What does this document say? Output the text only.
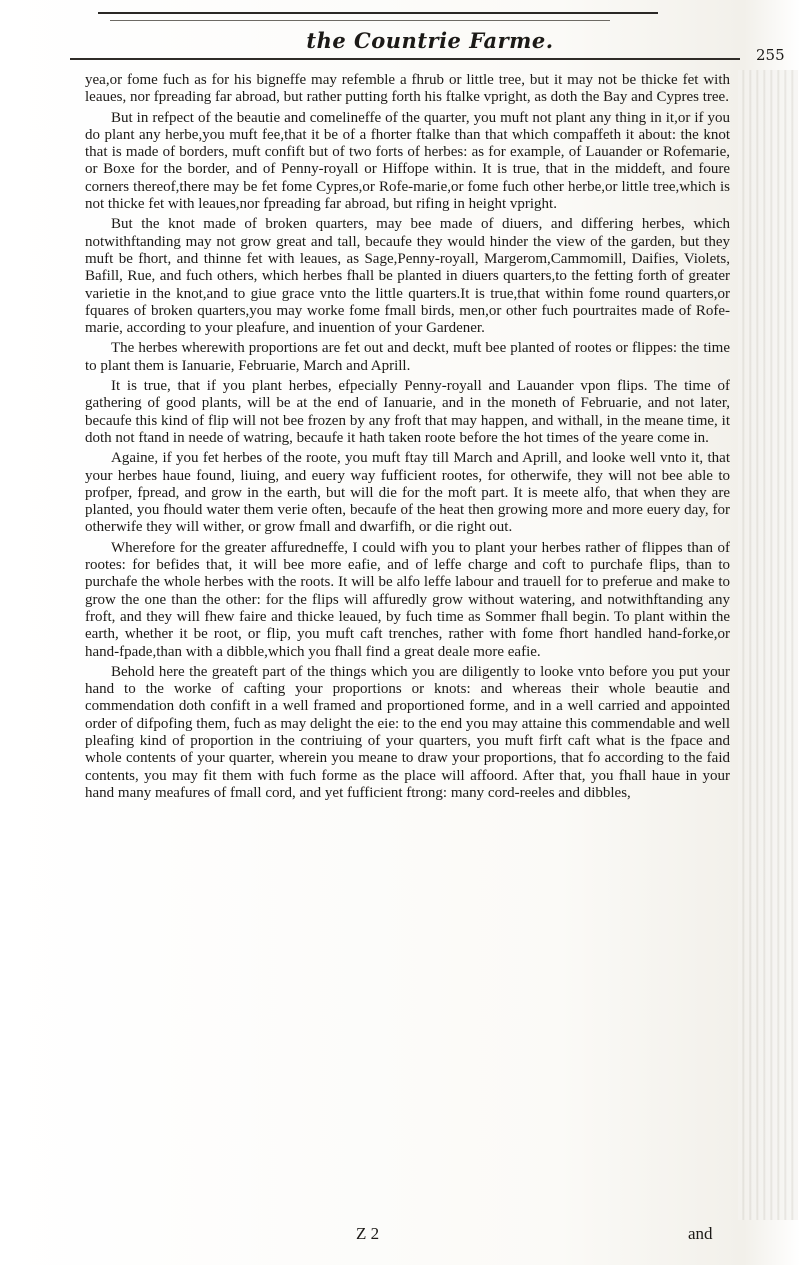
the Countrie Farme.
255

yea,or fome fuch as for his bigneffe may refemble a fhrub or little tree, but it may not be thicke fet with leaues, nor fpreading far abroad, but rather putting forth his ftalke vpright, as doth the Bay and Cypres tree.

But in refpect of the beautie and comelineffe of the quarter, you muft not plant any thing in it,or if you do plant any herbe,you muft fee,that it be of a fhorter ftalke than that which compaffeth it about: the knot that is made of borders, muft confift but of two forts of herbes: as for example, of Lauander or Rofemarie, or Boxe for the border, and of Penny-royall or Hiffope within. It is true, that in the middeft, and foure corners thereof,there may be fet fome Cypres,or Rofe-marie,or fome fuch other herbe,or little tree,which is not thicke fet with leaues,nor fpreading far abroad, but rifing in height vpright.

But the knot made of broken quarters, may bee made of diuers, and differing herbes, which notwithftanding may not grow great and tall, becaufe they would hinder the view of the garden, but they muft be fhort, and thinne fet with leaues, as Sage,Penny-royall, Margerom,Cammomill, Daifies, Violets, Bafill, Rue, and fuch others, which herbes fhall be planted in diuers quarters,to the fetting forth of greater varietie in the knot,and to giue grace vnto the little quarters.It is true,that within fome round quarters,or fquares of broken quarters,you may worke fome fmall birds, men,or other fuch pourtraites made of Rofe-marie, according to your pleafure, and inuention of your Gardener.

The herbes wherewith proportions are fet out and deckt, muft bee planted of rootes or flippes: the time to plant them is Ianuarie, Februarie, March and Aprill.

It is true, that if you plant herbes, efpecially Penny-royall and Lauander vpon flips. The time of gathering of good plants, will be at the end of Ianuarie, and in the moneth of Februarie, and not later, becaufe this kind of flip will not bee frozen by any froft that may happen, and withall, in the meane time, it doth not ftand in neede of watring, becaufe it hath taken roote before the hot times of the yeare come in.

Againe, if you fet herbes of the roote, you muft ftay till March and Aprill, and looke well vnto it, that your herbes haue found, liuing, and euery way fufficient rootes, for otherwife, they will not bee able to profper, fpread, and grow in the earth, but will die for the moft part. It is meete alfo, that when they are planted, you fhould water them verie often, becaufe of the heat then growing more and more euery day, for otherwife they will wither, or grow fmall and dwarfifh, or die right out.

Wherefore for the greater affuredneffe, I could wifh you to plant your herbes rather of flippes than of rootes: for befides that, it will bee more eafie, and of leffe charge and coft to purchafe flips, than to purchafe the whole herbes with the roots. It will be alfo leffe labour and trauell for to preferue and make to grow the one than the other: for the flips will affuredly grow without watering, and notwithftanding any froft, and they will fhew faire and thicke leaued, by fuch time as Sommer fhall begin. To plant within the earth, whether it be root, or flip, you muft caft trenches, rather with fome fhort handled hand-forke,or hand-fpade,than with a dibble,which you fhall find a great deale more eafie.

Behold here the greateft part of the things which you are diligently to looke vnto before you put your hand to the worke of cafting your proportions or knots: and whereas their whole beautie and commendation doth confift in a well framed and proportioned forme, and in a well carried and appointed order of difpofing them, fuch as may delight the eie: to the end you may attaine this commendable and well pleafing kind of proportion in the contriuing of your quarters, you muft firft caft what is the fpace and whole contents of your quarter, wherein you meane to draw your proportions, that fo according to the faid contents, you may fit them with fuch forme as the place will affoord. After that, you fhall haue in your hand many meafures of fmall cord, and yet fufficient ftrong: many cord-reeles and dibbles,

Z 2	and
